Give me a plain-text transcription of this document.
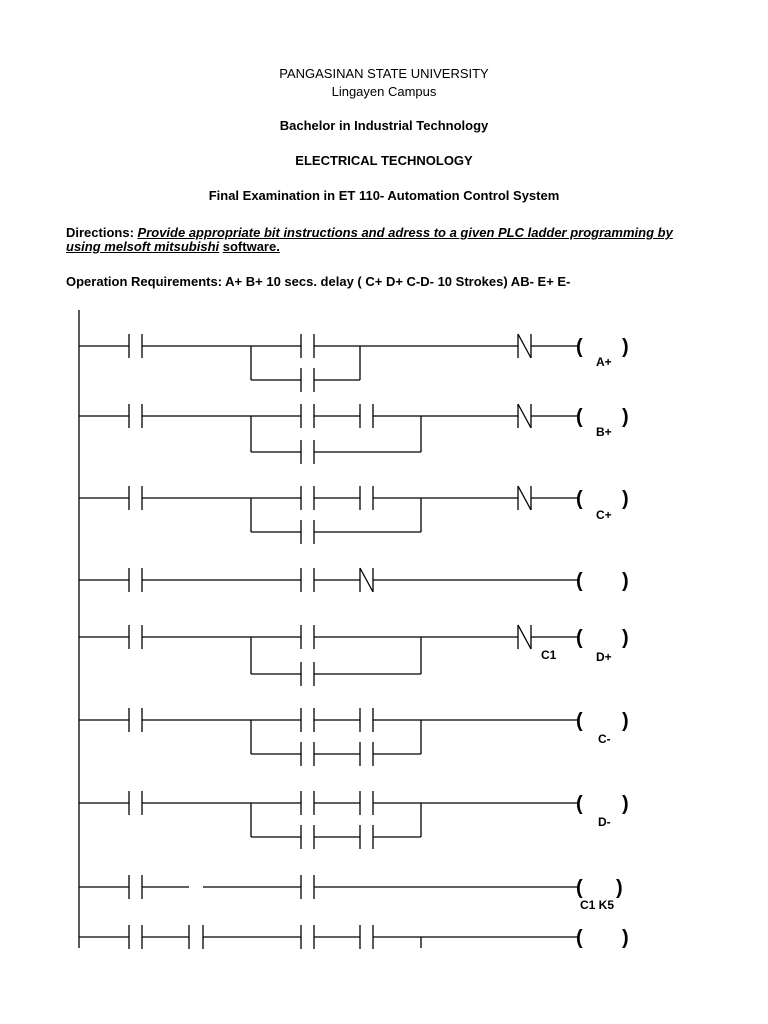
PANGASINAN STATE UNIVERSITY
Lingayen Campus
Bachelor in Industrial Technology
ELECTRICAL TECHNOLOGY
Final Examination in ET 110- Automation Control System
Directions: Provide appropriate bit instructions and adress to a given PLC ladder programming by using melsoft mitsubishi software.
Operation Requirements: A+ B+ 10 secs. delay ( C+ D+ C-D- 10 Strokes) AB- E+ E-
( )
( )
( )
( )
( )
( )
( )
( )
( )
A+
B+
C+
C1	D+
C-
D-
C1 K5
